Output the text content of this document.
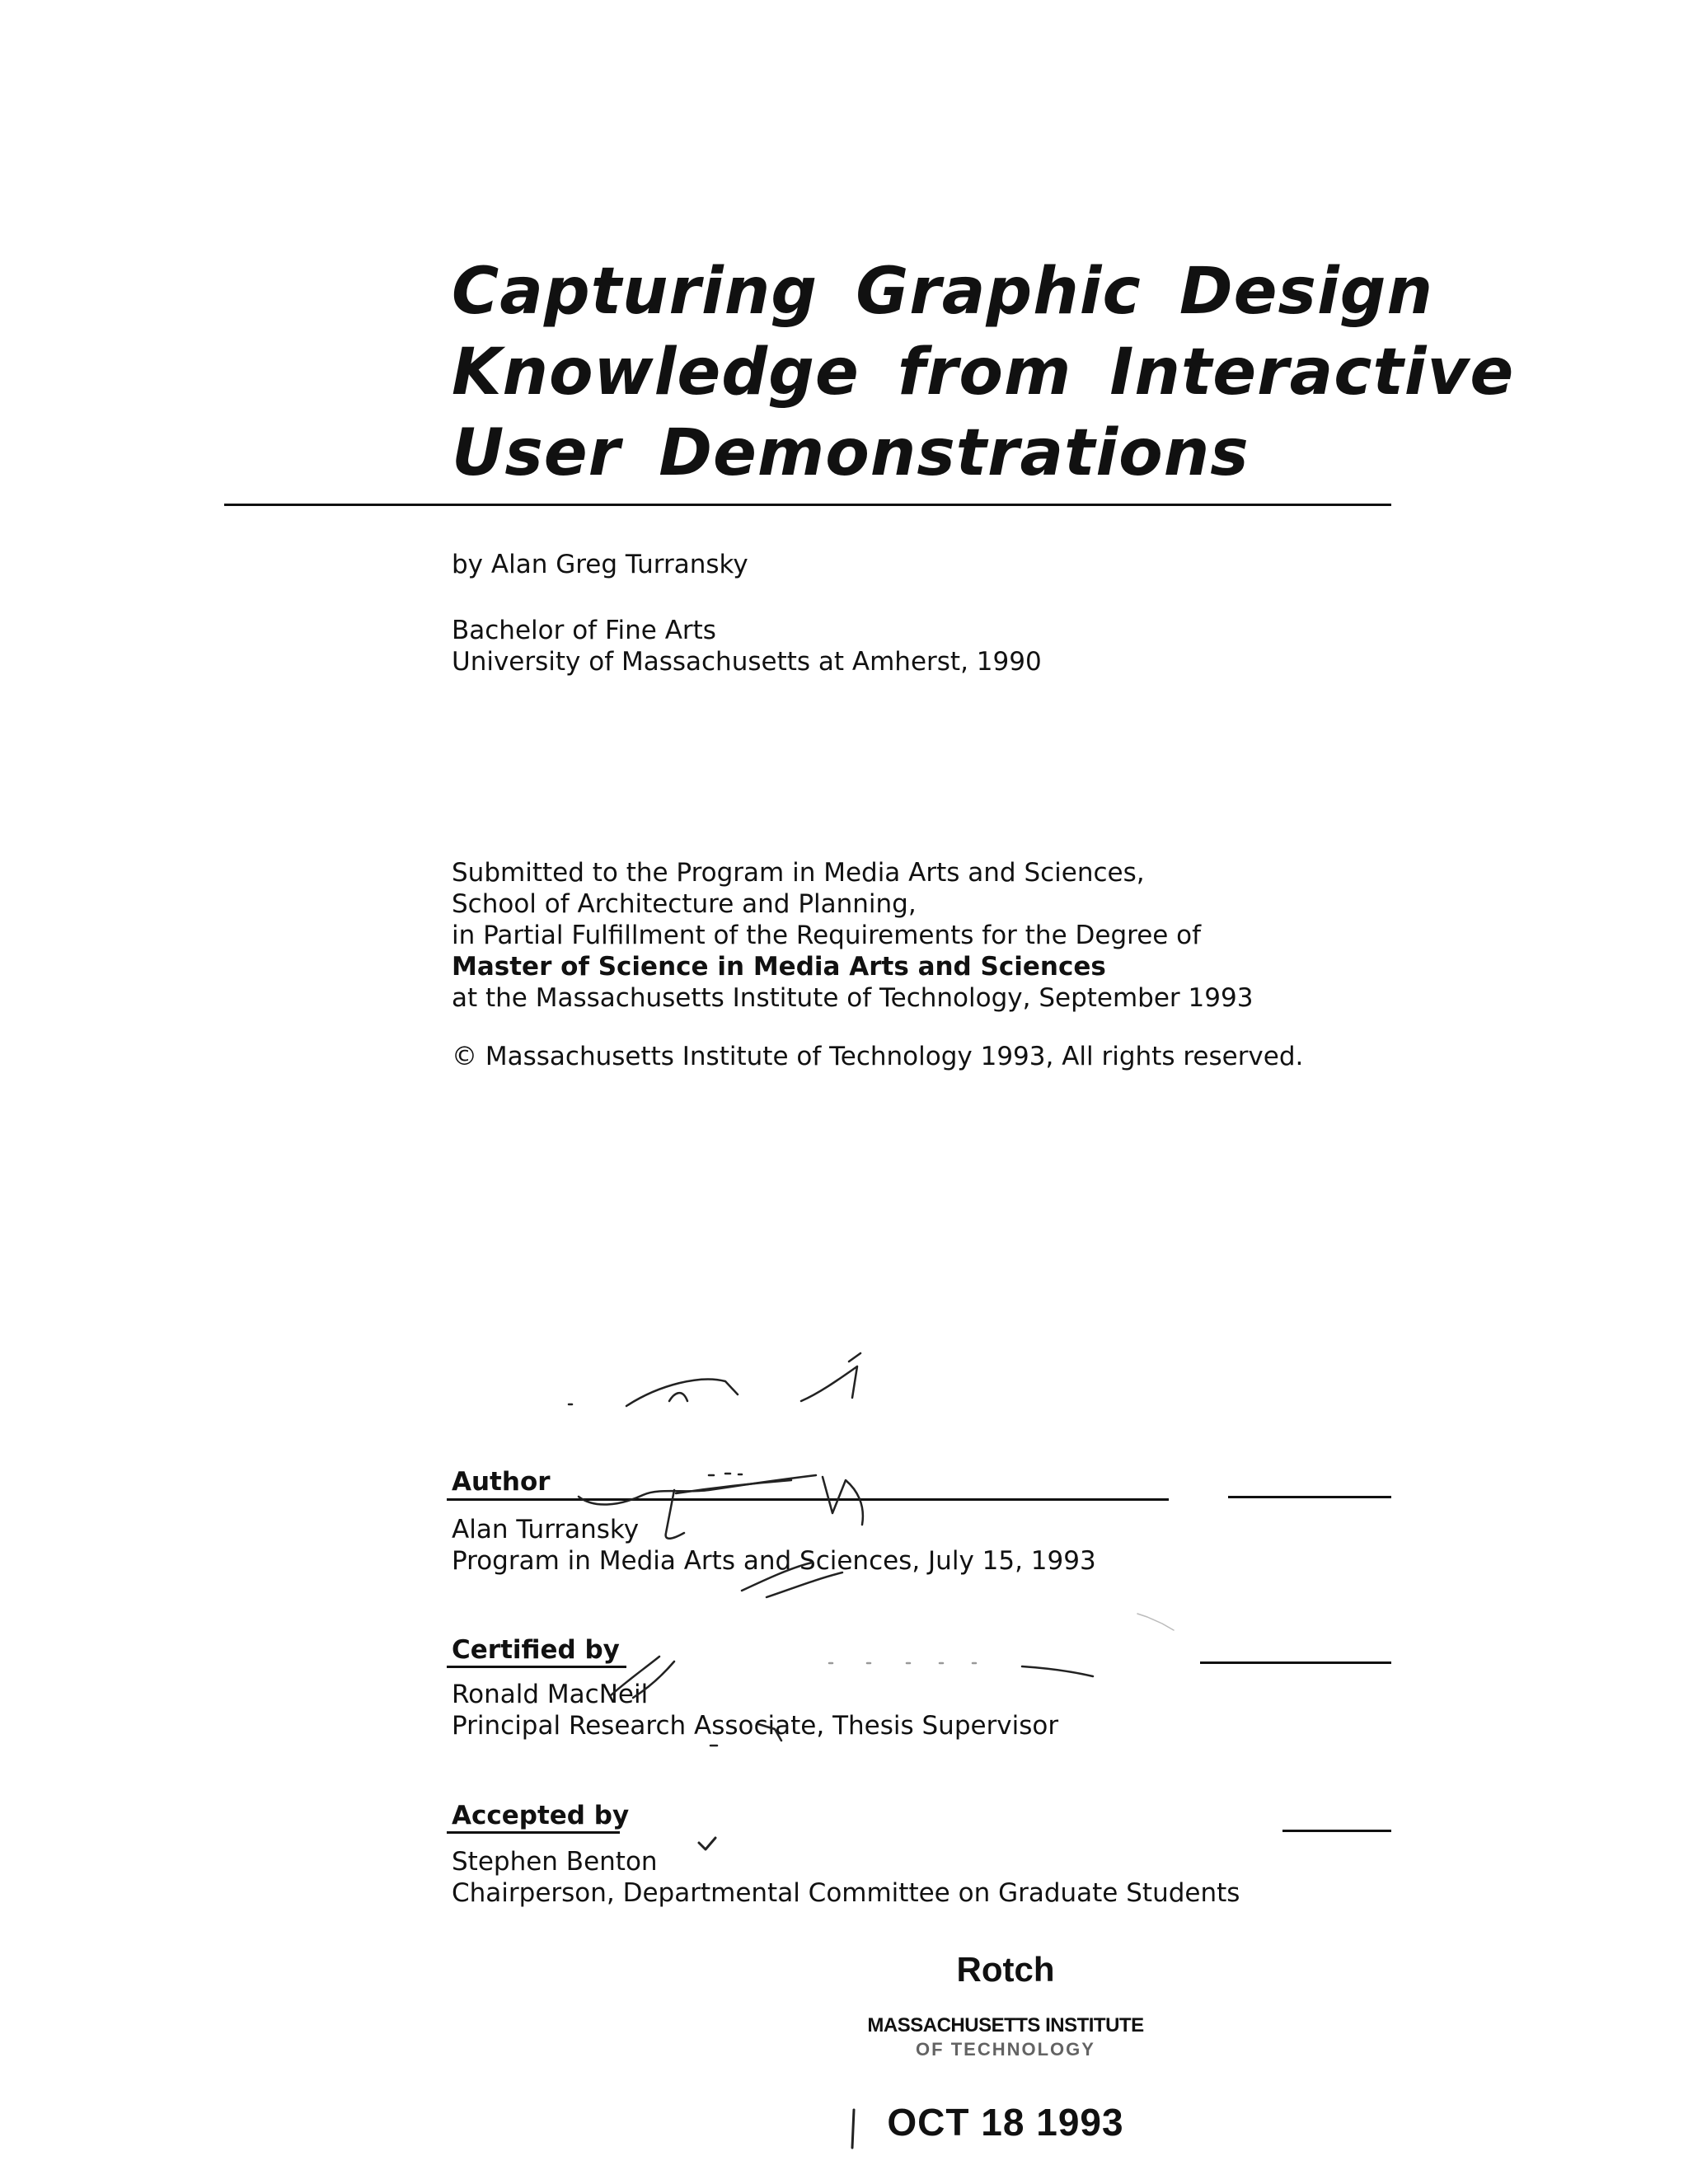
Capturing Graphic Design
Knowledge from Interactive
User Demonstrations
by Alan Greg Turransky
Bachelor of Fine Arts
University of Massachusetts at Amherst, 1990
Submitted to the Program in Media Arts and Sciences,
School of Architecture and Planning,
in Partial Fulfillment of the Requirements for the Degree of
Master of Science in Media Arts and Sciences
at the Massachusetts Institute of Technology, September 1993
© Massachusetts Institute of Technology 1993, All rights reserved.
Author
Alan Turransky
Program in Media Arts and Sciences, July 15, 1993
Certified by
Ronald MacNeil
Principal Research Associate, Thesis Supervisor
Accepted by
Stephen Benton
Chairperson, Departmental Committee on Graduate Students
Rotch
MASSACHUSETTS INSTITUTE
OF TECHNOLOGY
OCT 18 1993
